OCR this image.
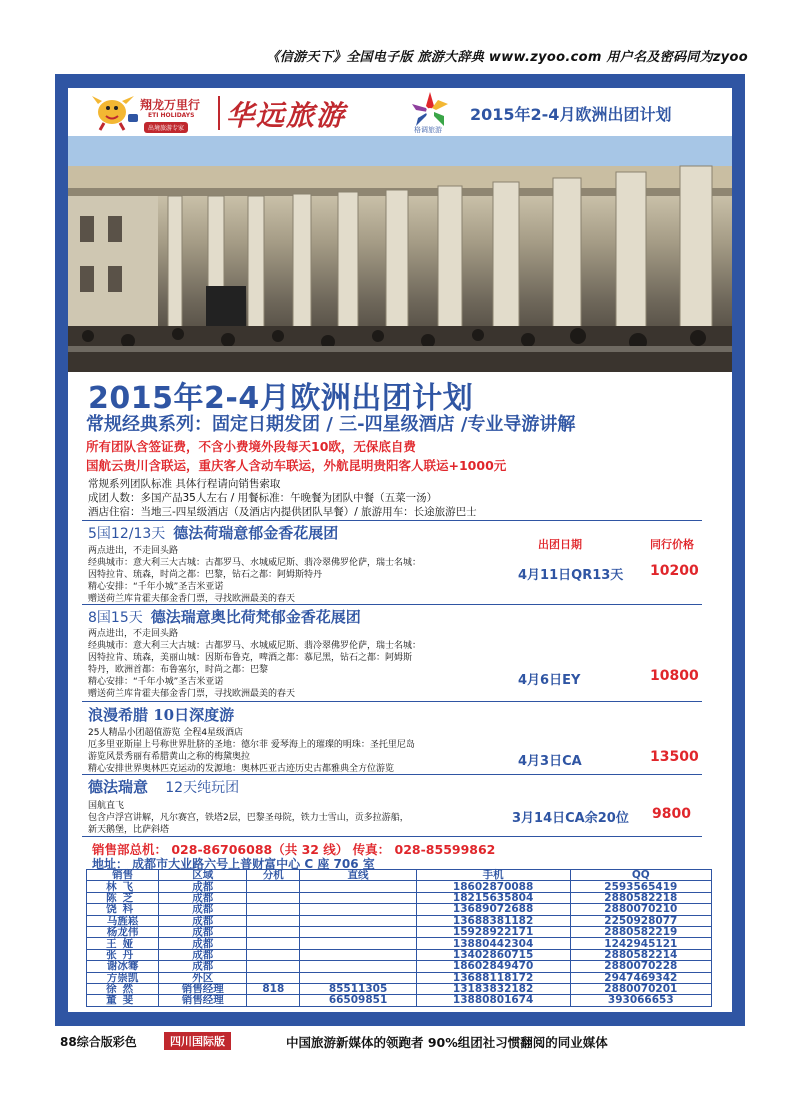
《信游天下》全国电子版 旅游大辞典 www.zyoo.com 用户名及密码同为zyoo
翔龙万里行
ETI HOLIDAYS
出境旅游专家 华远旅游	格调旅游
2015年2-4月欧洲出团计划
2015年2-4月欧洲出团计划
常规经典系列：固定日期发团 / 三-四星级酒店 /专业导游讲解
所有团队含签证费，不含小费境外段每天10欧，无保底自费
国航云贵川含联运，重庆客人含动车联运，外航昆明贵阳客人联运+1000元
常规系列团队标准 具体行程请向销售索取
成团人数：多国产品35人左右 / 用餐标准：午晚餐为团队中餐（五菜一汤）
酒店住宿：当地三-四星级酒店（及酒店内提供团队早餐）/ 旅游用车：长途旅游巴士
5国12/13天 德法荷瑞意郁金香花展团
出团日期	同行价格
两点进出，不走回头路
经典城市：意大利三大古城：古都罗马、水城威尼斯、翡冷翠佛罗伦萨，瑞士名城：
因特拉肯、琉森，时尚之都：巴黎，钻石之都：阿姆斯特丹
精心安排：“千年小城”圣吉米亚诺
赠送荷兰库肯霍夫郁金香门票，寻找欧洲最美的春天
4月11日QR13天 10200
8国15天 德法瑞意奥比荷梵郁金香花展团
两点进出，不走回头路
经典城市：意大利三大古城：古都罗马、水城威尼斯、翡冷翠佛罗伦萨，瑞士名城：
因特拉肯、琉森，美丽山城：因斯布鲁克，啤酒之都：慕尼黑，钻石之都：阿姆斯
特丹，欧洲首都：布鲁塞尔，时尚之都：巴黎
精心安排：“千年小城”圣吉米亚诺
赠送荷兰库肯霍夫郁金香门票，寻找欧洲最美的春天
4月6日EY	10800
浪漫希腊 10日深度游
25人精品小团超值游览 全程4星级酒店
厄多里亚斯崖上号称世界肚脐的圣地：德尔菲 爱琴海上的璀璨的明珠：圣托里尼岛
游览风景秀丽有希腊黄山之称的梅黛奥拉
精心安排世界奥林匹克运动的发源地：奥林匹亚古迹历史古都雅典全方位游览	4月3日CA	13500
德法瑞意 12天纯玩团
国航直飞
包含卢浮宫讲解，凡尔赛宫，铁塔2层，巴黎圣母院，铁力士雪山，贡多拉游船，
新天鹅堡，比萨斜塔
3月14日CA余20位 9800
销售部总机： 028-86706088（共 32 线） 传真： 028-85599862
地址： 成都市大业路六号上普财富中心 C 座 706 室
销售	区域	分机	直线	手机	QQ
林飞	成都			18602870088	2593565419
陈芝	成都			18215635804	2880582218
饶科	成都			13689072688	2880070210
马旌崧	成都			13688381182	2250928077
杨龙伟	成都			15928922171	2880582219
王娅	成都			13880442304	1242945121
张丹	成都			13402860715	2880582214
谢冰骞	成都			18602849470	2880070228
方崇凯	外区			13688118172	2947469342
徐然	销售经理	818	85511305	13183832182	2880070201
董斐	销售经理		66509851	13880801674	393066653
88综合版彩色	四川国际版	中国旅游新媒体的领跑者 90%组团社习惯翻阅的同业媒体
